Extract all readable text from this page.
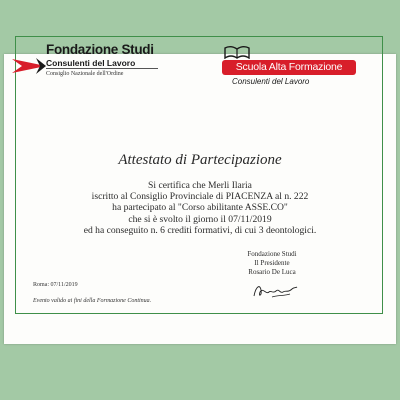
Fondazione Studi
Consulenti del Lavoro
Consiglio Nazionale dell'Ordine
Scuola Alta Formazione
Consulenti del Lavoro
Attestato di Partecipazione
Si certifica che Merli Ilaria
iscritto al Consiglio Provinciale di PIACENZA al n. 222
ha partecipato al "Corso abilitante ASSE.CO"
che si è svolto il giorno il 07/11/2019
ed ha conseguito n. 6 crediti formativi, di cui 3 deontologici.
Fondazione Studi
Il Presidente
Rosario De Luca
Roma: 07/11/2019
Evento valido ai fini della Formazione Continua.
